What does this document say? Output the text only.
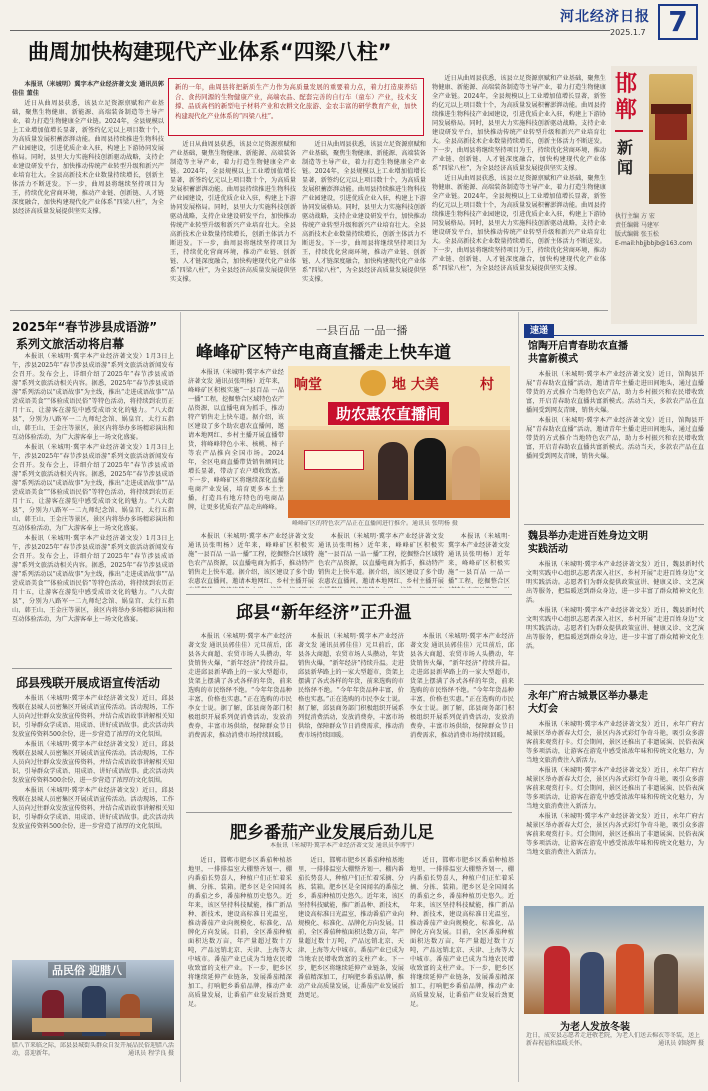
曲周加快构建现代产业体系“四梁八柱”
河北经济日报
2025.1.7 7
邯郸
新闻
执行主编 方 宏
责任编辑 马建军
版式编辑 张玉松
E-mail:hbjjbbjb@163.com

本报讯（米城明）冀字本产业经济著文发 通讯员郭佳佳 董佳

近日从曲周县获悉，该县立足资源禀赋和产业基础，聚焦生物健康、新能源、高端装备制造等主导产业，着力打造生物健康全产业链。2024年，全县规模以上工业增加值增长显著，新签约亿元以上项目数十个，为高质量发展积蓄澎湃动能。曲周县持续推进生物科技产业园建设，引进优质企业入驻，构建上下游协同发展格局。同时，县里大力实施科技创新驱动战略，支持企业建设研发平台，加快推动传统产业转型升级和新兴产业培育壮大。全县高新技术企业数量持续增长，创新主体活力不断迸发。下一步，曲周县将继续坚持项目为王，持续优化营商环境，推动产业链、创新链、人才链深度融合，加快构建现代化产业体系“四梁八柱”，为全县经济高质量发展提供坚实支撑。

新的一年，曲周县将把新质生产力作为高质量发展的重要着力点，着力打造康养结合、食药同源的生物健康产业，高端农品、配套完善的自行车（童车）产业，技术支撑、品质高档的新型电子材料产业和农耕文化旅游、金农丰富的研学教育产业，加快构建现代化产业体系的“四梁八柱”。

近日从曲周县获悉，该县立足资源禀赋和产业基础，聚焦生物健康、新能源、高端装备制造等主导产业，着力打造生物健康全产业链。2024年，全县规模以上工业增加值增长显著，新签约亿元以上项目数十个，为高质量发展积蓄澎湃动能。曲周县持续推进生物科技产业园建设，引进优质企业入驻，构建上下游协同发展格局。同时，县里大力实施科技创新驱动战略，支持企业建设研发平台，加快推动传统产业转型升级和新兴产业培育壮大。全县高新技术企业数量持续增长，创新主体活力不断迸发。下一步，曲周县将继续坚持项目为王，持续优化营商环境，推动产业链、创新链、人才链深度融合，加快构建现代化产业体系“四梁八柱”，为全县经济高质量发展提供坚实支撑。

近日从曲周县获悉，该县立足资源禀赋和产业基础，聚焦生物健康、新能源、高端装备制造等主导产业，着力打造生物健康全产业链。2024年，全县规模以上工业增加值增长显著，新签约亿元以上项目数十个，为高质量发展积蓄澎湃动能。曲周县持续推进生物科技产业园建设，引进优质企业入驻，构建上下游协同发展格局。同时，县里大力实施科技创新驱动战略，支持企业建设研发平台，加快推动传统产业转型升级和新兴产业培育壮大。全县高新技术企业数量持续增长，创新主体活力不断迸发。下一步，曲周县将继续坚持项目为王，持续优化营商环境，推动产业链、创新链、人才链深度融合，加快构建现代化产业体系“四梁八柱”，为全县经济高质量发展提供坚实支撑。

近日从曲周县获悉，该县立足资源禀赋和产业基础，聚焦生物健康、新能源、高端装备制造等主导产业，着力打造生物健康全产业链。2024年，全县规模以上工业增加值增长显著，新签约亿元以上项目数十个，为高质量发展积蓄澎湃动能。曲周县持续推进生物科技产业园建设，引进优质企业入驻，构建上下游协同发展格局。同时，县里大力实施科技创新驱动战略，支持企业建设研发平台，加快推动传统产业转型升级和新兴产业培育壮大。全县高新技术企业数量持续增长，创新主体活力不断迸发。下一步，曲周县将继续坚持项目为王，持续优化营商环境，推动产业链、创新链、人才链深度融合，加快构建现代化产业体系“四梁八柱”，为全县经济高质量发展提供坚实支撑。

近日从曲周县获悉，该县立足资源禀赋和产业基础，聚焦生物健康、新能源、高端装备制造等主导产业，着力打造生物健康全产业链。2024年，全县规模以上工业增加值增长显著，新签约亿元以上项目数十个，为高质量发展积蓄澎湃动能。曲周县持续推进生物科技产业园建设，引进优质企业入驻，构建上下游协同发展格局。同时，县里大力实施科技创新驱动战略，支持企业建设研发平台，加快推动传统产业转型升级和新兴产业培育壮大。全县高新技术企业数量持续增长，创新主体活力不断迸发。下一步，曲周县将继续坚持项目为王，持续优化营商环境，推动产业链、创新链、人才链深度融合，加快构建现代化产业体系“四梁八柱”，为全县经济高质量发展提供坚实支撑。

2025年“春节涉县成语游”
系列文旅活动将启幕

本报讯（米城明·冀字本产业经济著文发）1月3日上午，涉县2025年“春节涉县成语游”系列文旅活动新闻发布会召开。发布会上，详细介绍了2025年“春节涉县成语游”系列文旅活动相关内容。据悉，2025年“春节涉县成语游”系列活动以“成语故事”为主线，推出“走进成语故事”“品尝成语美食”“体验成语民俗”等特色活动，将持续到农历正月十五，让游客在游览中感受成语文化的魅力。“八大街县”，分别为八路军一二九师纪念馆、娲皇宫、太行五指山、韩王山、王金庄等景区，景区内将举办多场精彩演出和互动体验活动，为广大游客奉上一场文化盛宴。

本报讯（米城明·冀字本产业经济著文发）1月3日上午，涉县2025年“春节涉县成语游”系列文旅活动新闻发布会召开。发布会上，详细介绍了2025年“春节涉县成语游”系列文旅活动相关内容。据悉，2025年“春节涉县成语游”系列活动以“成语故事”为主线，推出“走进成语故事”“品尝成语美食”“体验成语民俗”等特色活动，将持续到农历正月十五，让游客在游览中感受成语文化的魅力。“八大街县”，分别为八路军一二九师纪念馆、娲皇宫、太行五指山、韩王山、王金庄等景区，景区内将举办多场精彩演出和互动体验活动，为广大游客奉上一场文化盛宴。

本报讯（米城明·冀字本产业经济著文发）1月3日上午，涉县2025年“春节涉县成语游”系列文旅活动新闻发布会召开。发布会上，详细介绍了2025年“春节涉县成语游”系列文旅活动相关内容。据悉，2025年“春节涉县成语游”系列活动以“成语故事”为主线，推出“走进成语故事”“品尝成语美食”“体验成语民俗”等特色活动，将持续到农历正月十五，让游客在游览中感受成语文化的魅力。“八大街县”，分别为八路军一二九师纪念馆、娲皇宫、太行五指山、韩王山、王金庄等景区，景区内将举办多场精彩演出和互动体验活动，为广大游客奉上一场文化盛宴。

邱县残联开展成语宣传活动

本报讯（米城明·冀字本产业经济著文发）近日，邱县残联在县城人员密集区开展成语宣传活动。活动现场，工作人员向过往群众发放宣传资料，并结合成语故事讲解相关知识，引导群众学成语、用成语、讲好成语故事。此次活动共发放宣传资料500余份，进一步营造了浓厚的文化氛围。

本报讯（米城明·冀字本产业经济著文发）近日，邱县残联在县城人员密集区开展成语宣传活动。活动现场，工作人员向过往群众发放宣传资料，并结合成语故事讲解相关知识，引导群众学成语、用成语、讲好成语故事。此次活动共发放宣传资料500余份，进一步营造了浓厚的文化氛围。

本报讯（米城明·冀字本产业经济著文发）近日，邱县残联在县城人员密集区开展成语宣传活动。活动现场，工作人员向过往群众发放宣传资料，并结合成语故事讲解相关知识，引导群众学成语、用成语、讲好成语故事。此次活动共发放宣传资料500余份，进一步营造了浓厚的文化氛围。

品民俗 迎腊八
腊八节来临之际，邱县县城街头群众自发开展品民俗迎腊八活动，喜迎新年。	通讯员 程学良 摄
一县百品 一品一播
峰峰矿区特产电商直播走上快车道
响堂	地 大美	村
助农惠农直播间
峰峰矿区的特色农产品正在直播间进行推介。通讯员 张明杨 摄

本报讯（米城明·冀字本产业经济著文发 通讯员张明杨）近年来，峰峰矿区积极实施“一县百品 一品一播”工程，挖掘整合区域特色农产品资源，以直播电商为抓手，推动特产销售走上快车道。据介绍，该区建设了多个助农惠农直播间，邀请本地网红、乡村主播开展直播带货，将峰峰特色小米、核桃、柿子等农产品推向全国市场。2024年，全区电商直播带货销售额同比增长显著，带动了农户增收致富。下一步，峰峰矿区将继续深化直播电商产业发展，培育更多本土主播，打造具有地方特色的电商品牌，让更多优质农产品走出峰峰。

本报讯（米城明·冀字本产业经济著文发 通讯员张明杨）近年来，峰峰矿区积极实施“一县百品 一品一播”工程，挖掘整合区域特色农产品资源，以直播电商为抓手，推动特产销售走上快车道。据介绍，该区建设了多个助农惠农直播间，邀请本地网红、乡村主播开展

本报讯（米城明·冀字本产业经济著文发 通讯员张明杨）近年来，峰峰矿区积极实施“一县百品 一品一播”工程，挖掘整合区域特色农产品资源，以直播电商为抓手，推动特产销售走上快车道。据介绍，该区建设了多个助农惠农直播间，邀请本地网红、乡村主播开展

本报讯（米城明·冀字本产业经济著文发 通讯员张明杨）近年来，峰峰矿区积极实施“一县百品 一品一播”工程，挖掘整合区

邱县“新年经济”正升温

本报讯（米城明·冀字本产业经济著文发 通讯员郭佳佳）元旦前后，邱县各大商超、农贸市场人头攒动，年货销售火爆，“新年经济”持续升温。走进邱县新华路上的一家大型超市，货架上摆满了各式各样的年货，前来选购的市民络绎不绝。“今年年货品种丰富，价格也实惠。”正在选购的市民李女士说。据了解，邱县商务部门积极组织开展系列促消费活动，发放消费券，丰富市场供给，保障群众节日消费需求，推动消费市场持续回暖。

本报讯（米城明·冀字本产业经济著文发 通讯员郭佳佳）元旦前后，邱县各大商超、农贸市场人头攒动，年货销售火爆，“新年经济”持续升温。走进邱县新华路上的一家大型超市，货架上摆满了各式各样的年货，前来选购的市民络绎不绝。“今年年货品种丰富，价格也实惠。”正在选购的市民李女士说。据了解，邱县商务部门积极组织开展系列促消费活动，发放消费券，丰富市场供给，保障群众节日消费需求，推动消费市场持续回暖。

本报讯（米城明·冀字本产业经济著文发 通讯员郭佳佳）元旦前后，邱县各大商超、农贸市场人头攒动，年货销售火爆，“新年经济”持续升温。走进邱县新华路上的一家大型超市，货架上摆满了各式各样的年货，前来选购的市民络绎不绝。“今年年货品种丰富，价格也实惠。”正在选购的市民李女士说。据了解，邱县商务部门积极组织开展系列促消费活动，发放消费券，丰富市场供给，保障群众节日消费需求，推动消费市场持续回暖。

肥乡番茄产业发展后劲儿足
本报讯（米城明·冀字本产业经济著文发 通讯员李博宇）

近日，邯郸市肥乡区番茄种植基地里，一排排温室大棚整齐划一，棚内番茄长势喜人，种植户们正忙着采摘、分拣、装箱。肥乡区是全国闻名的番茄之乡，番茄种植历史悠久。近年来，该区坚持科技赋能，推广新品种、新技术，建设高标准日光温室，推动番茄产业向规模化、标准化、品牌化方向发展。目前，全区番茄种植面积达数万亩，年产量超过数十万吨，产品远销北京、天津、上海等大中城市。番茄产业已成为当地农民增收致富的支柱产业。下一步，肥乡区将继续延伸产业链条，发展番茄精深加工，打响肥乡番茄品牌，推动产业高质量发展，让番茄产业发展后劲更足。

近日，邯郸市肥乡区番茄种植基地里，一排排温室大棚整齐划一，棚内番茄长势喜人，种植户们正忙着采摘、分拣、装箱。肥乡区是全国闻名的番茄之乡，番茄种植历史悠久。近年来，该区坚持科技赋能，推广新品种、新技术，建设高标准日光温室，推动番茄产业向规模化、标准化、品牌化方向发展。目前，全区番茄种植面积达数万亩，年产量超过数十万吨，产品远销北京、天津、上海等大中城市。番茄产业已成为当地农民增收致富的支柱产业。下一步，肥乡区将继续延伸产业链条，发展番茄精深加工，打响肥乡番茄品牌，推动产业高质量发展，让番茄产业发展后劲更足。

近日，邯郸市肥乡区番茄种植基地里，一排排温室大棚整齐划一，棚内番茄长势喜人，种植户们正忙着采摘、分拣、装箱。肥乡区是全国闻名的番茄之乡，番茄种植历史悠久。近年来，该区坚持科技赋能，推广新品种、新技术，建设高标准日光温室，推动番茄产业向规模化、标准化、品牌化方向发展。目前，全区番茄种植面积达数万亩，年产量超过数十万吨，产品远销北京、天津、上海等大中城市。番茄产业已成为当地农民增收致富的支柱产业。下一步，肥乡区将继续延伸产业链条，发展番茄精深加工，打响肥乡番茄品牌，推动产业高质量发展，让番茄产业发展后劲更足。

速递
馆陶开启青春助农直播共富新模式

本报讯（米城明·冀字本产业经济著文发）近日，馆陶县开展“青春助农直播”活动，邀请青年主播走进田间地头，通过直播带货的方式推介当地特色农产品，助力乡村振兴和农民增收致富，开启青春助农直播共富新模式。活动当天，多款农产品在直播间受到网友青睐，销售火爆。

本报讯（米城明·冀字本产业经济著文发）近日，馆陶县开展“青春助农直播”活动，邀请青年主播走进田间地头，通过直播带货的方式推介当地特色农产品，助力乡村振兴和农民增收致富，开启青春助农直播共富新模式。活动当天，多款农产品在直播间受到网友青睐，销售火爆。

魏县举办走进百姓身边文明实践活动

本报讯（米城明·冀字本产业经济著文发）近日，魏县新时代文明实践中心组织志愿者深入社区、乡村开展“走进百姓身边”文明实践活动。志愿者们为群众提供政策宣讲、健康义诊、文艺演出等服务，把温暖送到群众身边，进一步丰富了群众精神文化生活。

本报讯（米城明·冀字本产业经济著文发）近日，魏县新时代文明实践中心组织志愿者深入社区、乡村开展“走进百姓身边”文明实践活动。志愿者们为群众提供政策宣讲、健康义诊、文艺演出等服务，把温暖送到群众身边，进一步丰富了群众精神文化生活。

永年广府古城景区举办暴走大灯会

本报讯（米城明·冀字本产业经济著文发）近日，永年广府古城景区举办新春大灯会，景区内各式彩灯争奇斗艳，吸引众多游客前来观赏打卡。灯会期间，景区还推出了非遗展演、民俗表演等多项活动，让游客在游览中感受浓浓年味和传统文化魅力，为当地文旅消费注入新活力。

本报讯（米城明·冀字本产业经济著文发）近日，永年广府古城景区举办新春大灯会，景区内各式彩灯争奇斗艳，吸引众多游客前来观赏打卡。灯会期间，景区还推出了非遗展演、民俗表演等多项活动，让游客在游览中感受浓浓年味和传统文化魅力，为当地文旅消费注入新活力。

本报讯（米城明·冀字本产业经济著文发）近日，永年广府古城景区举办新春大灯会，景区内各式彩灯争奇斗艳，吸引众多游客前来观赏打卡。灯会期间，景区还推出了非遗展演、民俗表演等多项活动，让游客在游览中感受浓浓年味和传统文化魅力，为当地文旅消费注入新活力。

为老人发放冬装
近日，成安县志愿者走进敬老院，为老人们送去棉衣等冬装，送上新春祝福和温暖关怀。	通讯员 韩晓辉 摄
